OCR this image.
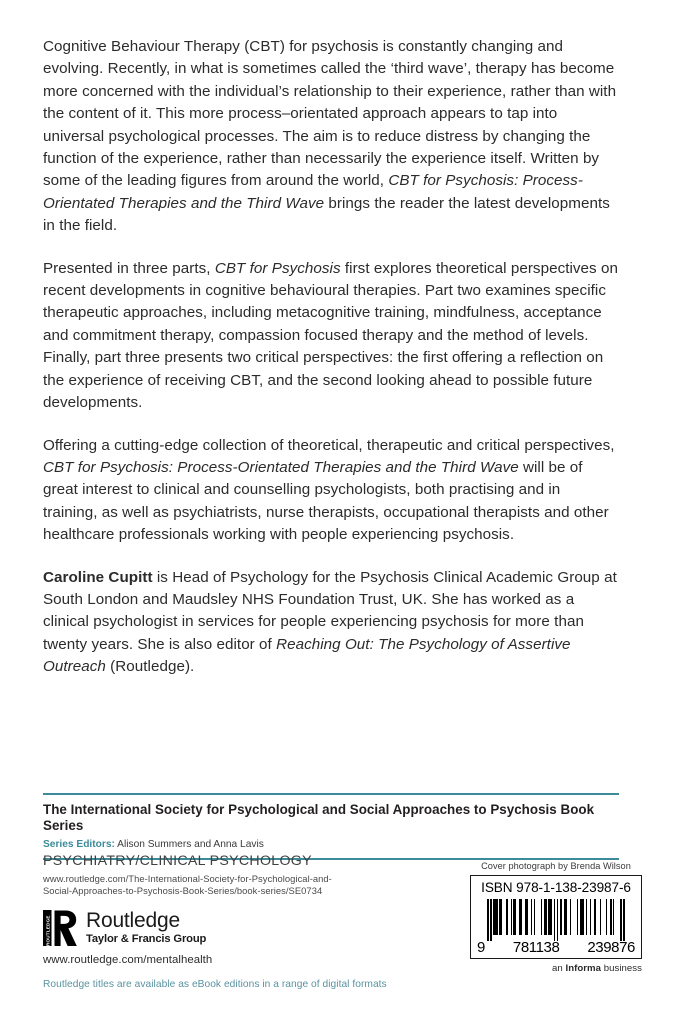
Cognitive Behaviour Therapy (CBT) for psychosis is constantly changing and evolving. Recently, in what is sometimes called the ‘third wave’, therapy has become more concerned with the individual’s relationship to their experience, rather than with the content of it. This more process–orientated approach appears to tap into universal psychological processes. The aim is to reduce distress by changing the function of the experience, rather than necessarily the experience itself. Written by some of the leading figures from around the world, CBT for Psychosis: Process-Orientated Therapies and the Third Wave brings the reader the latest developments in the field.

Presented in three parts, CBT for Psychosis first explores theoretical perspectives on recent developments in cognitive behavioural therapies. Part two examines specific therapeutic approaches, including metacognitive training, mindfulness, acceptance and commitment therapy, compassion focused therapy and the method of levels. Finally, part three presents two critical perspectives: the first offering a reflection on the experience of receiving CBT, and the second looking ahead to possible future developments.

Offering a cutting-edge collection of theoretical, therapeutic and critical perspectives, CBT for Psychosis: Process-Orientated Therapies and the Third Wave will be of great interest to clinical and counselling psychologists, both practising and in training, as well as psychiatrists, nurse therapists, occupational therapists and other healthcare professionals working with people experiencing psychosis.

Caroline Cupitt is Head of Psychology for the Psychosis Clinical Academic Group at South London and Maudsley NHS Foundation Trust, UK. She has worked as a clinical psychologist in services for people experiencing psychosis for more than twenty years. She is also editor of Reaching Out: The Psychology of Assertive Outreach (Routledge).

The International Society for Psychological and Social Approaches to Psychosis Book Series
Series Editors: Alison Summers and Anna Lavis
PSYCHIATRY/CLINICAL PSYCHOLOGY
www.routledge.com/The-International-Society-for-Psychological-and-
Social-Approaches-to-Psychosis-Book-Series/book-series/SE0734
ROUTLEDGE Routledge
Taylor & Francis Group
www.routledge.com/mentalhealth
Routledge titles are available as eBook editions in a range of digital formats
Cover photograph by Brenda Wilson
ISBN 978-1-138-23987-6
9 781138 239876
an Informa business
